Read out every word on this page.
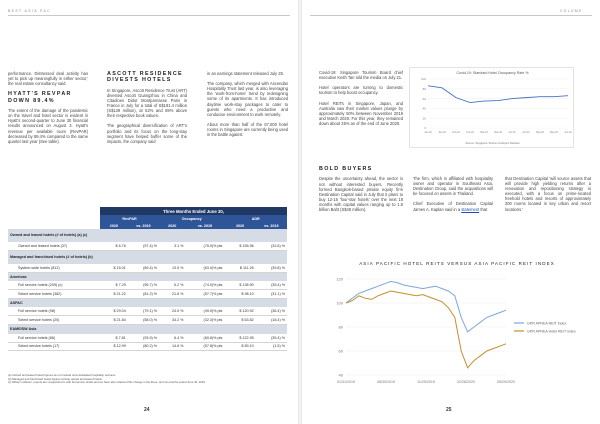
BEST ASIA PAC

performance. Distressed deal activity has yet to pick up meaningfully in either sector,' the real estate consultancy said.

HYATT'S REVPAR DOWN 89.4%

The extent of the damage of the pandemic on the travel and hotel sector is evident in Hyatt's second-quarter to June 30 financial results announced on August 3. Hyatt's revenue per available room (RevPAR) decreased by 89.4% compared to the same quarter last year (See table).

ASCOTT RESIDENCE DIVESTS HOTELS

In Singapore, Ascott Residence Trust (ART) divested Ascott Guangzhou in China and Citadines Didot Montparnasse Paris in France in July for a total of S$191.4 million (S$139 million), at 52% and 69% above their respective book values.

The geographical diversification of ART's portfolio and its focus on the long-stay segment have helped buffer some of the impacts, the company said

in an earnings statement released July 28.

The company, which merged with Ascendas Hospitality Trust last year, is also leveraging the 'work-from-home' trend by redesigning some of its apartments. It has introduced daytime work-stay packages to cater to guests who need a productive and conducive environment to work remotely.

About more than half of the 67,000 hotel rooms in Singapore are currently being used in the battle against

	Three Months Ended June 30,					
	RevPAR		Occupancy		ADR	
	2020	vs. 2019	2020	vs. 2019	2020	vs. 2019
Owned and leased hotels (# of hotels) (a) (c)						
Owned and leased hotels (37)	$ 6.76	(97.4) %	3.1 %	(75.0)% pts	$ 155.96	(32.6) %
Managed and franchised hotels (# of hotels) (b)						
System-wide hotels (812)	$ 15.01	(89.4) %	13.5 %	(63.0)% pts	$ 111.26	(39.8) %
Americas						
Full service hotels (209) (c)	$ 7.29	(95.7) %	5.2 %	(74.0)% pts	$ 138.90	(35.4) %
Select service hotels (382)	$ 21.22	(81.2) %	21.6 %	(57.7)% pts	$ 98.10	(31.1) %
ASPAC						
Full service hotels (98)	$ 29.04	(79.1) %	24.0 %	(49.0)% pts	$ 120.92	(36.4) %
Select service hotels (20)	$ 21.84	(58.0) %	34.2 %	(32.3)% pts	$ 63.82	(18.4) %
EAME/SW Asia						
Full service hotels (86)	$ 7.81	(93.9) %	6.4 %	(60.6)% pts	$ 122.95	(35.4) %
Select service hotels (17)	$ 12.99	(80.2) %	14.6 %	(57.8)% pts	$ 89.10	(1.5) %
(a) Owned and leased hotels figures do not include unconsolidated hospitality ventures
(b) Managed and franchised hotels figures include owned and leased hotels
(c) Hilltop! midtown, reports are reorganized in with full service hotels and we have also reflected this change in the three- and six-months ended June 30, 2019
24
VOLUME

Covid-19: Singapore Tourism Board chief executive Keith Tan told the media on July 21.

Hotel operators are turning to domestic tourism to help boost occupancy.

Hotel REITs in Singapore, Japan, and Australia saw their market values plunge by approximately 50% between November 2019 and March 2020. For this year, they remained down about 25% as of the end of June 2020.

BOLD BUYERS

Despite the uncertainty ahead, the sector is not without interested buyers. Recently formed Bangkok-based private equity firm Destination Capital said in July that it plans to buy 12-15 'four-star hotels' over the next 18 months with capital values ranging up to 1.5 billion Baht (S$48 million).

The firm, which is affiliated with hospitality owner and operator in Southeast Asia, Destination Group, said the acquisitions will be focused on assets in Thailand.

Chief Executive of Destination Capital James A. Kaplan said in a statement that

that Destination Capital 'will source assets that will provide high yielding returns after a renovation and repositioning strategy is executed, with a focus on prime-located freehold hotels and resorts of approximately 200 rooms located in key urban and resort locations.'

25
Covid-19: Standard Hotel Occupancy Rate %
100
80
60
40
20
0
Jan-20	Jan-20	Feb-20	Feb-20	Mar-20	Mar-20	Apr-20	Apr-20	May-20	May-20	Jun-20
Source: Singapore Tourism Analytics Network
ASIA PACIFIC HOTEL REITS VERSUS ASIA PACIFIC REIT INDEX
120
100
80
60
40
01/31/2019	08/30/2019	11/29/2019	02/28/2020	05/29/2020
GPR APREA REIT index
GPR APREA Hotel REIT index
